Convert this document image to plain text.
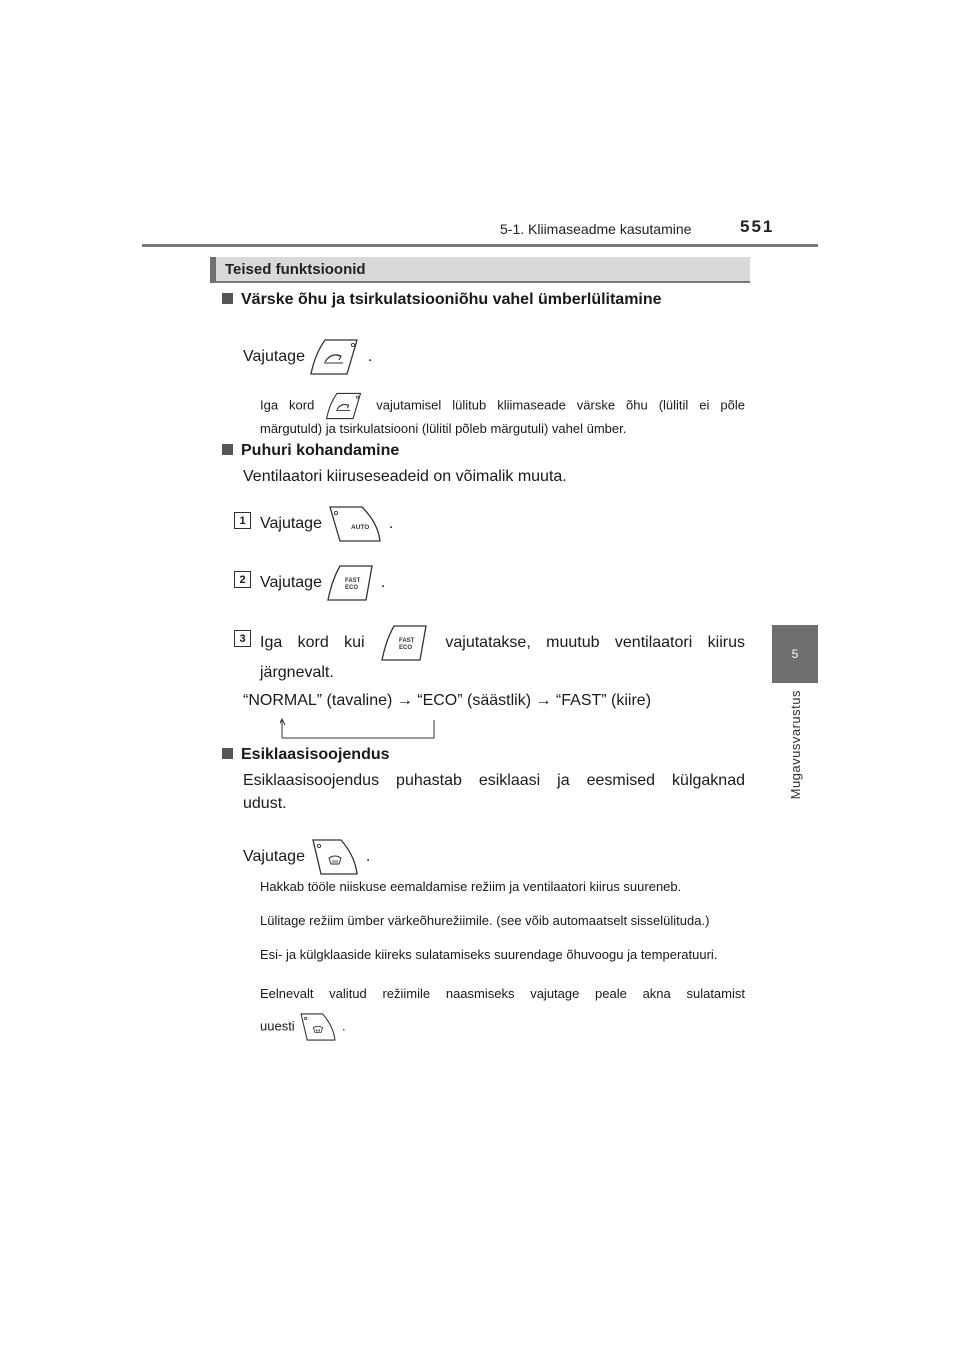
5-1. Kliimaseadme kasutamine	551
5
Mugavusvarustus
Teised funktsioonid
Värske õhu ja tsirkulatsiooniõhu vahel ümberlülitamine
Vajutage	.
Iga kord	vajutamisel lülitub kliimaseade värske õhu (lülitil ei põle
märgutuld) ja tsirkulatsiooni (lülitil põleb märgutuli) vahel ümber.
Puhuri kohandamine
Ventilaatori kiiruseseadeid on võimalik muuta.
1 Vajutage	AUTO .
2 Vajutage	FAST
ECO .
3 Iga kord kui	FAST
ECO vajutatakse, muutub ventilaatori kiirus
järgnevalt.
“NORMAL” (tavaline) → “ECO” (säästlik) → “FAST” (kiire)
Esiklaasisoojendus
Esiklaasisoojendus puhastab esiklaasi ja eesmised külgaknad
udust.
Vajutage	.
Hakkab tööle niiskuse eemaldamise režiim ja ventilaatori kiirus suureneb.
Lülitage režiim ümber värkeõhurežiimile. (see võib automaatselt sisselülituda.)
Esi- ja külgklaaside kiireks sulatamiseks suurendage õhuvoogu ja temperatuuri.
Eelnevalt valitud režiimile naasmiseks vajutage peale akna sulatamist
uuesti	.
